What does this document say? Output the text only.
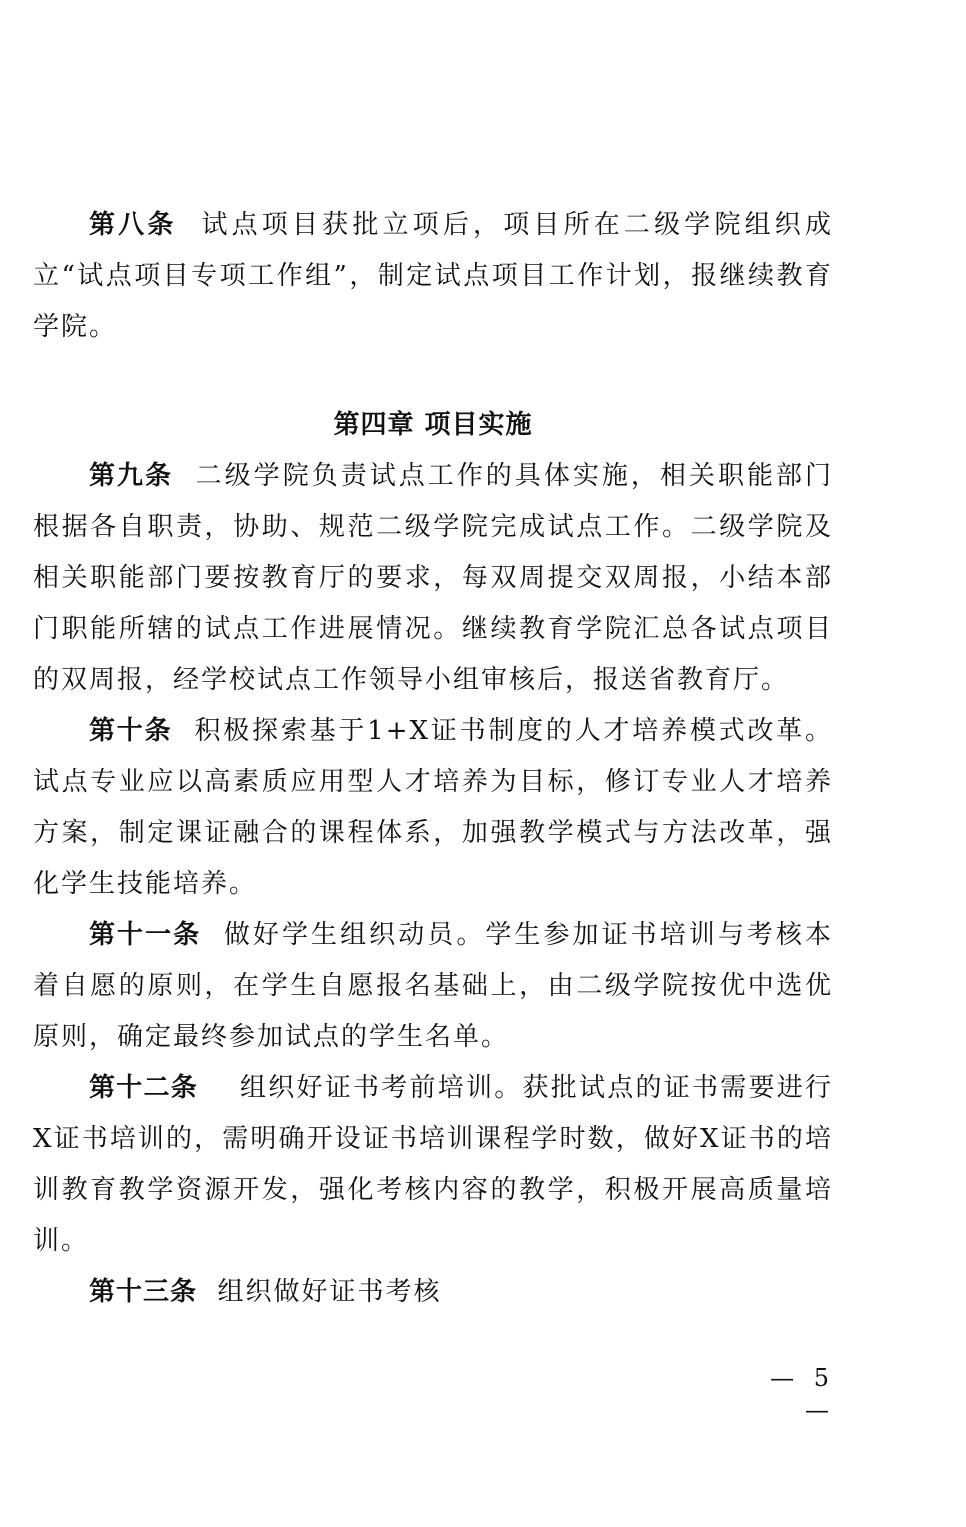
第八条 试点项目获批立项后，项目所在二级学院组织成立“试点项目专项工作组”，制定试点项目工作计划，报继续教育学院。

第四章 项目实施

第九条 二级学院负责试点工作的具体实施，相关职能部门根据各自职责，协助、规范二级学院完成试点工作。二级学院及相关职能部门要按教育厅的要求，每双周提交双周报，小结本部门职能所辖的试点工作进展情况。继续教育学院汇总各试点项目的双周报，经学校试点工作领导小组审核后，报送省教育厅。

第十条 积极探索基于1+X证书制度的人才培养模式改革。试点专业应以高素质应用型人才培养为目标，修订专业人才培养方案，制定课证融合的课程体系，加强教学模式与方法改革，强化学生技能培养。

第十一条 做好学生组织动员。学生参加证书培训与考核本着自愿的原则，在学生自愿报名基础上，由二级学院按优中选优原则，确定最终参加试点的学生名单。

第十二条 组织好证书考前培训。获批试点的证书需要进行X证书培训的，需明确开设证书培训课程学时数，做好X证书的培训教育教学资源开发，强化考核内容的教学，积极开展高质量培训。

第十三条 组织做好证书考核

— 5 —
